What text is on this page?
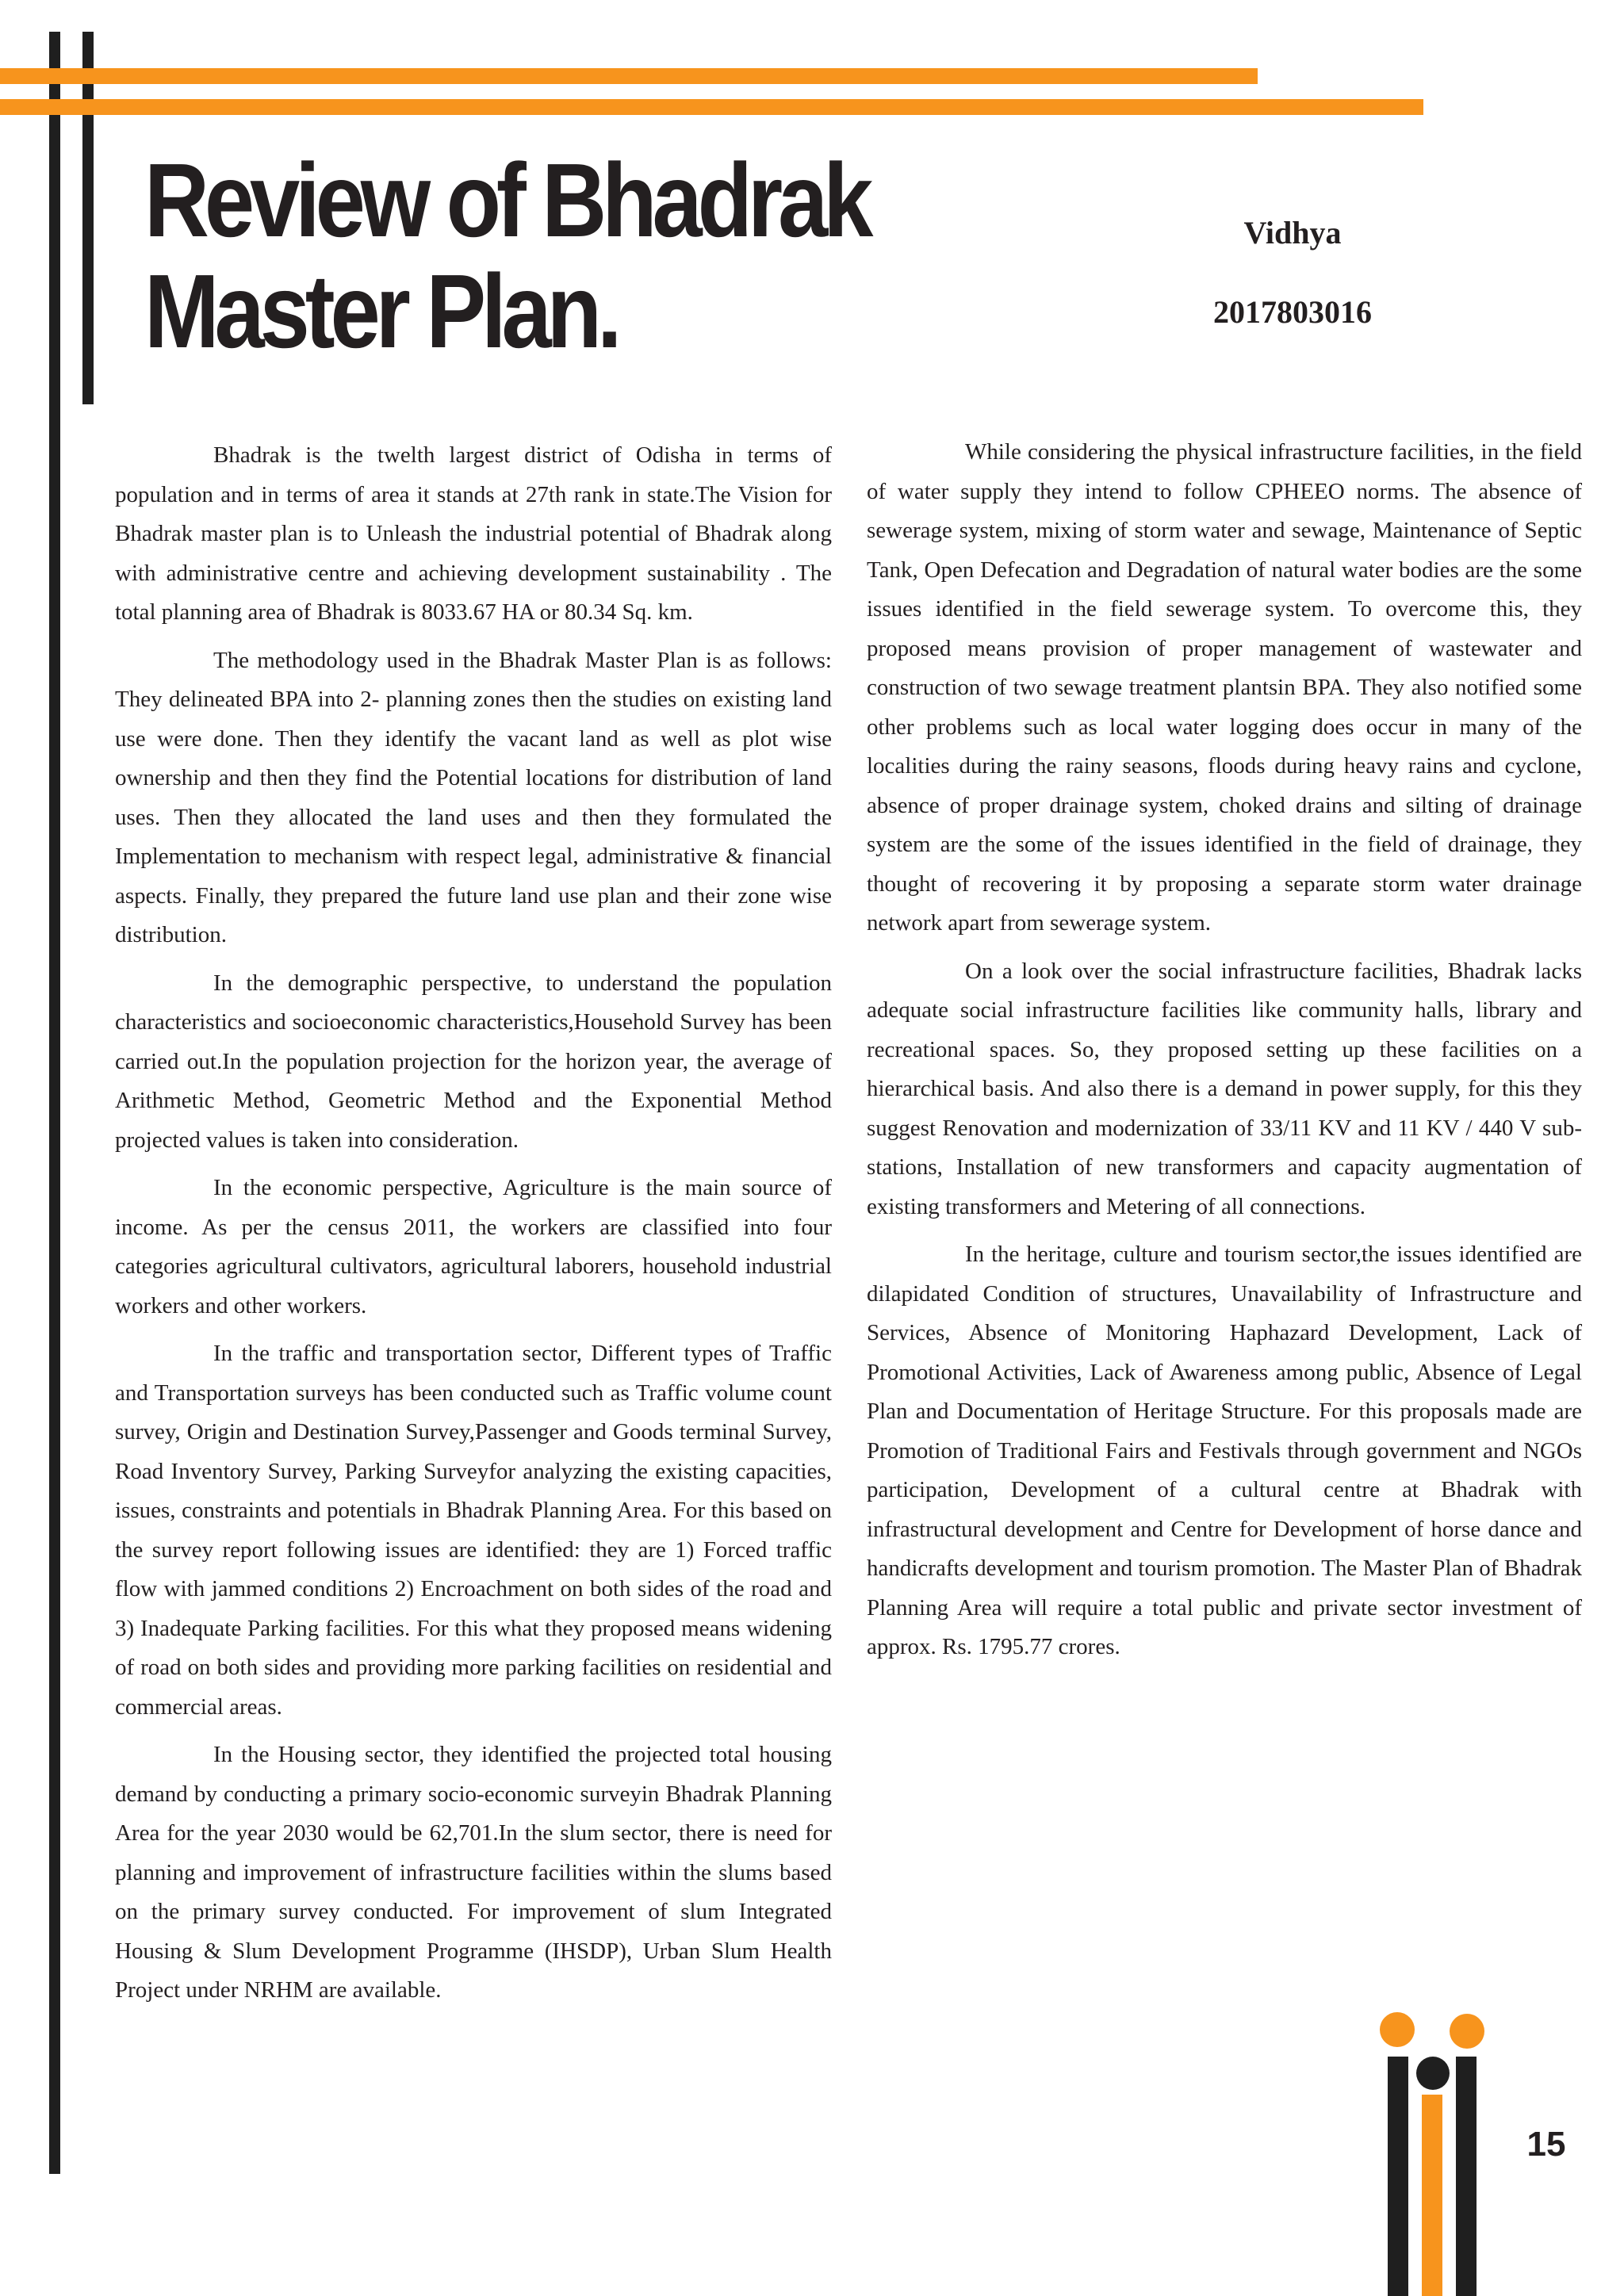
Review of Bhadrak
Master Plan.
Vidhya
2017803016

Bhadrak is the twelth largest district of Odisha in terms of population and in terms of area it stands at 27th rank in state.The Vision for Bhadrak master plan is to Unleash the industrial potential of Bhadrak along with administrative centre and achieving development sustainability . The total planning area of Bhadrak is 8033.67 HA or 80.34 Sq. km.

The methodology used in the Bhadrak Master Plan is as follows: They delineated BPA into 2- planning zones then the studies on existing land use were done. Then they identify the vacant land as well as plot wise ownership and then they find the Potential locations for distribution of land uses. Then they allocated the land uses and then they formulated the Implementation to mechanism with respect legal, administrative & financial aspects. Finally, they prepared the future land use plan and their zone wise distribution.

In the demographic perspective, to understand the population characteristics and socioeconomic characteristics,Household Survey has been carried out.In the population projection for the horizon year, the average of Arithmetic Method, Geometric Method and the Exponential Method projected values is taken into consideration.

In the economic perspective, Agriculture is the main source of income. As per the census 2011, the workers are classified into four categories agricultural cultivators, agricultural laborers, household industrial workers and other workers.

In the traffic and transportation sector, Different types of Traffic and Transportation surveys has been conducted such as Traffic volume count survey, Origin and Destination Survey,Passenger and Goods terminal Survey, Road Inventory Survey, Parking Surveyfor analyzing the existing capacities, issues, constraints and potentials in Bhadrak Planning Area. For this based on the survey report following issues are identified: they are 1) Forced traffic flow with jammed conditions 2) Encroachment on both sides of the road and 3) Inadequate Parking facilities. For this what they proposed means widening of road on both sides and providing more parking facilities on residential and commercial areas.

In the Housing sector, they identified the projected total housing demand by conducting a primary socio-economic surveyin Bhadrak Planning Area for the year 2030 would be 62,701.In the slum sector, there is need for planning and improvement of infrastructure facilities within the slums based on the primary survey conducted. For improvement of slum Integrated Housing & Slum Development Programme (IHSDP), Urban Slum Health Project under NRHM are available.

While considering the physical infrastructure facilities, in the field of water supply they intend to follow CPHEEO norms. The absence of sewerage system, mixing of storm water and sewage, Maintenance of Septic Tank, Open Defecation and Degradation of natural water bodies are the some issues identified in the field sewerage system. To overcome this, they proposed means provision of proper management of wastewater and construction of two sewage treatment plantsin BPA. They also notified some other problems such as local water logging does occur in many of the localities during the rainy seasons, floods during heavy rains and cyclone, absence of proper drainage system, choked drains and silting of drainage system are the some of the issues identified in the field of drainage, they thought of recovering it by proposing a separate storm water drainage network apart from sewerage system.

On a look over the social infrastructure facilities, Bhadrak lacks adequate social infrastructure facilities like community halls, library and recreational spaces. So, they proposed setting up these facilities on a hierarchical basis. And also there is a demand in power supply, for this they suggest Renovation and modernization of 33/11 KV and 11 KV / 440 V sub- stations, Installation of new transformers and capacity augmentation of existing transformers and Metering of all connections.

In the heritage, culture and tourism sector,the issues identified are dilapidated Condition of structures, Unavailability of Infrastructure and Services, Absence of Monitoring Haphazard Development, Lack of Promotional Activities, Lack of Awareness among public, Absence of Legal Plan and Documentation of Heritage Structure. For this proposals made are Promotion of Traditional Fairs and Festivals through government and NGOs participation, Development of a cultural centre at Bhadrak with infrastructural development and Centre for Development of horse dance and handicrafts development and tourism promotion. The Master Plan of Bhadrak Planning Area will require a total public and private sector investment of approx. Rs. 1795.77 crores.

15
